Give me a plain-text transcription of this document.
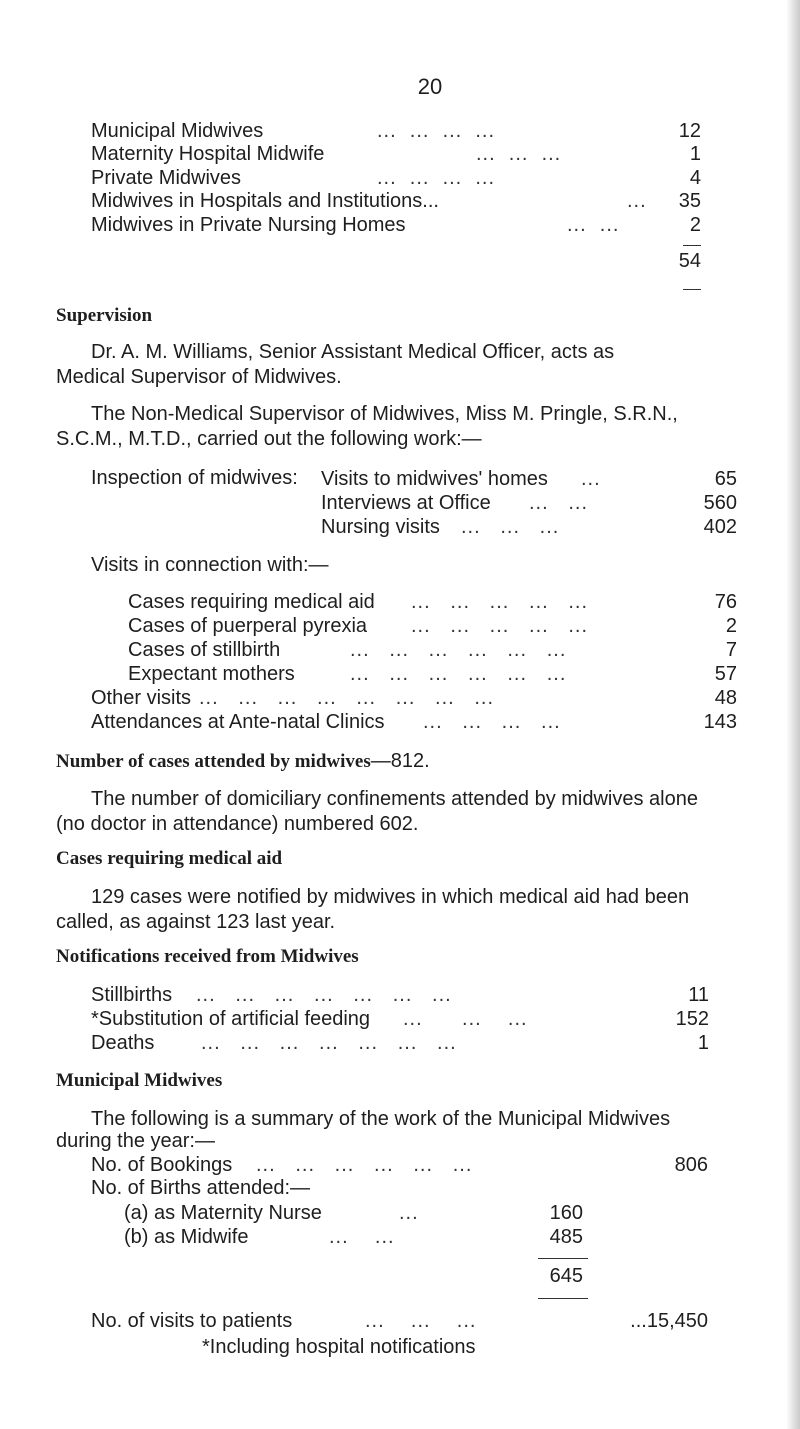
20
Municipal Midwives	...  ...  ...  ...	12
Maternity Hospital Midwife	...  ...  ...	1
Private Midwives	...  ...  ...  ...	4
Midwives in Hospitals and Institutions...	... 35
Midwives in Private Nursing Homes	...  ...	2
54
Supervision
Dr. A. M. Williams, Senior Assistant Medical Officer, acts as
Medical Supervisor of Midwives.
The Non-Medical Supervisor of Midwives, Miss M. Pringle, S.R.N.,
S.C.M., M.T.D., carried out the following work:—
Inspection of midwives: Visits to midwives' homes ...	65
Interviews at Office ...   ...	560
Nursing visits ...   ...   ...	402
Visits in connection with:—
Cases requiring medical aid ...   ...   ...   ...   ...	76
Cases of puerperal pyrexia ...   ...   ...   ...   ...	2
Cases of stillbirth	...   ...   ...   ...   ...   ...	7
Expectant mothers	...   ...   ...   ...   ...   ...	57
Other visits ...   ...   ...   ...   ...   ...   ...   ...	48
Attendances at Ante-natal Clinics ...   ...   ...   ...	143
Number of cases attended by midwives—812.
The number of domiciliary confinements attended by midwives alone
(no doctor in attendance) numbered 602.
Cases requiring medical aid
129 cases were notified by midwives in which medical aid had been
called, as against 123 last year.
Notifications received from Midwives
Stillbirths ...   ...   ...   ...   ...   ...   ...	11
*Substitution of artificial feeding ...      ...    ...	152
Deaths ...   ...   ...   ...   ...   ...   ...	1
Municipal Midwives
The following is a summary of the work of the Municipal Midwives
during the year:—
No. of Bookings ...   ...   ...   ...   ...   ...	806
No. of Births attended:—
(a) as Maternity Nurse	...	160
(b) as Midwife	...    ...	485
645
No. of visits to patients	...    ...    ...	...15,450
*Including hospital notifications
